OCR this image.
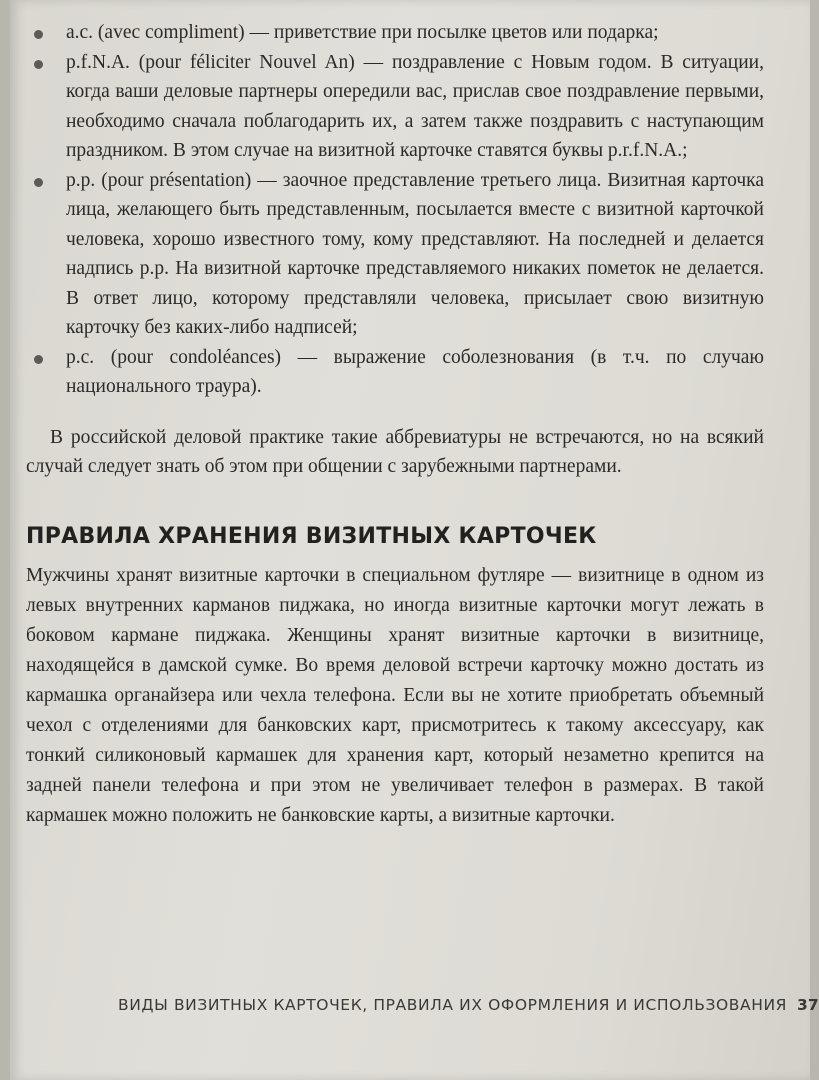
a.c. (avec compliment) — приветствие при посылке цветов или подарка;
p.f.N.A. (pour féliciter Nouvel An) — поздравление с Новым годом. В ситуации, когда ваши деловые партнеры опередили вас, прислав свое поздравление первыми, необходимо сначала поблагодарить их, а затем также поздравить с наступающим праздником. В этом случае на визитной карточке ставятся буквы p.r.f.N.A.;
p.p. (pour présentation) — заочное представление третьего лица. Визитная карточка лица, желающего быть представленным, посылается вместе с визитной карточкой человека, хорошо известного тому, кому представляют. На последней и делается надпись p.p. На визитной карточке представляемого никаких пометок не делается. В ответ лицо, которому представляли человека, присылает свою визитную карточку без каких-либо надписей;
p.c. (pour condoléances) — выражение соболезнования (в т.ч. по случаю национального траура).

В российской деловой практике такие аббревиатуры не встречаются, но на всякий случай следует знать об этом при общении с зарубежными партнерами.

ПРАВИЛА ХРАНЕНИЯ ВИЗИТНЫХ КАРТОЧЕК

Мужчины хранят визитные карточки в специальном футляре — визитнице в одном из левых внутренних карманов пиджака, но иногда визитные карточки могут лежать в боковом кармане пиджака. Женщины хранят визитные карточки в визитнице, находящейся в дамской сумке. Во время деловой встречи карточку можно достать из кармашка органайзера или чехла телефона. Если вы не хотите приобретать объемный чехол с отделениями для банковских карт, присмотритесь к такому аксессуару, как тонкий силиконовый кармашек для хранения карт, который незаметно крепится на задней панели телефона и при этом не увеличивает телефон в размерах. В такой кармашек можно положить не банковские карты, а визитные карточки.

ВИДЫ ВИЗИТНЫХ КАРТОЧЕК, ПРАВИЛА ИХ ОФОРМЛЕНИЯ И ИСПОЛЬЗОВАНИЯ 37
